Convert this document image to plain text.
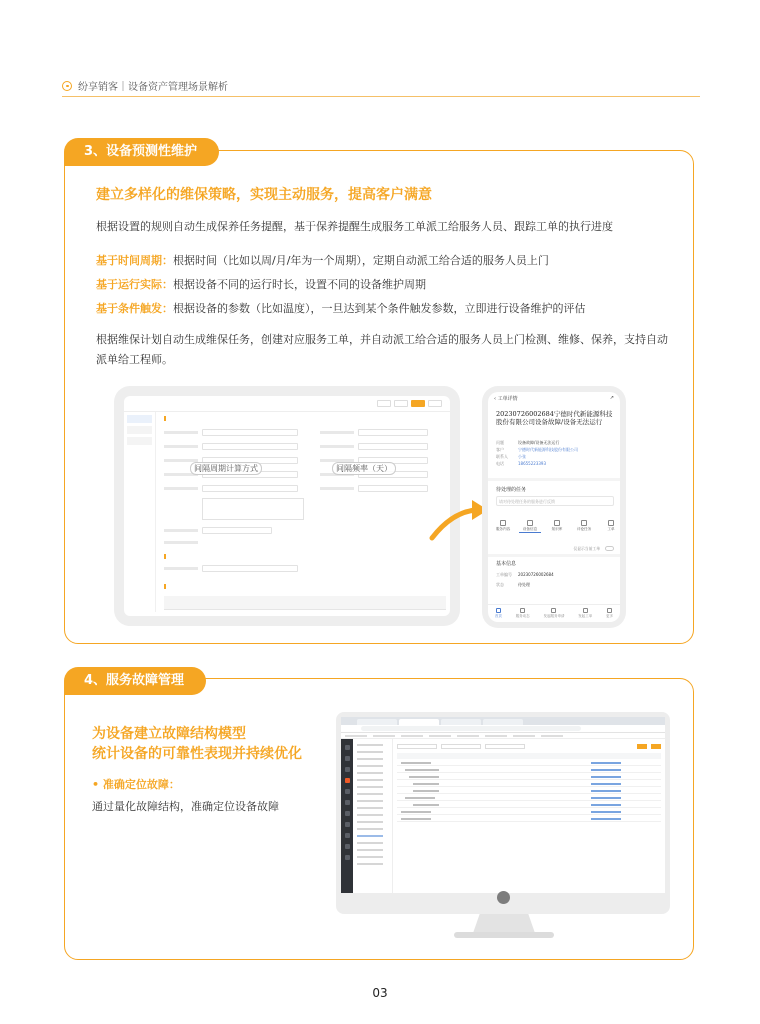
纷享销客｜设备资产管理场景解析
3、设备预测性维护
建立多样化的维保策略，实现主动服务，提高客户满意
根据设置的规则自动生成保养任务提醒，基于保养提醒生成服务工单派工给服务人员、跟踪工单的执行进度
基于时间周期：根据时间（比如以周/月/年为一个周期），定期自动派工给合适的服务人员上门
基于运行实际：根据设备不同的运行时长，设置不同的设备维护周期
基于条件触发：根据设备的参数（比如温度），一旦达到某个条件触发参数，立即进行设备维护的评估
根据维保计划自动生成维保任务，创建对应服务工单，并自动派工给合适的服务人员上门检测、维修、保养，支持自动派单给工程师。
间隔周期计算方式	间隔频率（天）
‹ 工单详情	↗
20230726002684宁德时代新能源科技股份有限公司设备故障/设备无法运行
问题	设备故障/设备无法运行
客户	宁德时代新能源科技股份有限公司
联系人	小张
电话	18655223393
待处理的任务
请对待处理任务的服务进行反馈
服务内容	设备信息	知识库	评论任务	工单
仅显示当前工单
基本信息
工单编号 20230726002684
状态	待处理
首页	服务动态	发起服务申请	发起工单	更多
4、服务故障管理
为设备建立故障结构模型
统计设备的可靠性表现并持续优化
• 准确定位故障：
通过量化故障结构，准确定位设备故障
03
